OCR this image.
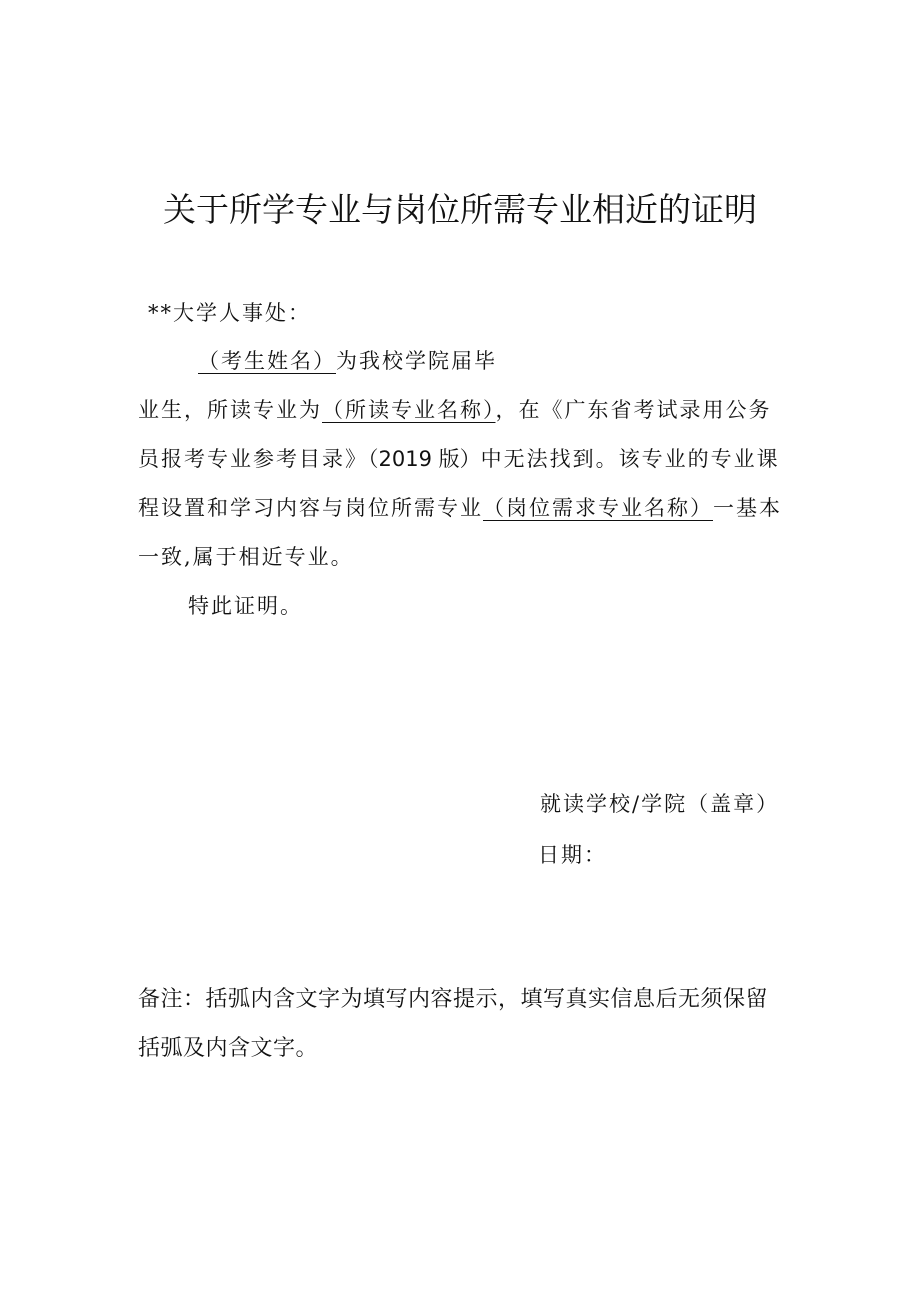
关于所学专业与岗位所需专业相近的证明
**大学人事处：
（考生姓名）为我校学院届毕
业生，所读专业为（所读专业名称），在《广东省考试录用公务
员报考专业参考目录》（2019 版）中无法找到。该专业的专业课
程设置和学习内容与岗位所需专业（岗位需求专业名称）一基本
一致,属于相近专业。
特此证明。
就读学校/学院（盖章）
日期：
备注：括弧内含文字为填写内容提示，填写真实信息后无须保留
括弧及内含文字。
